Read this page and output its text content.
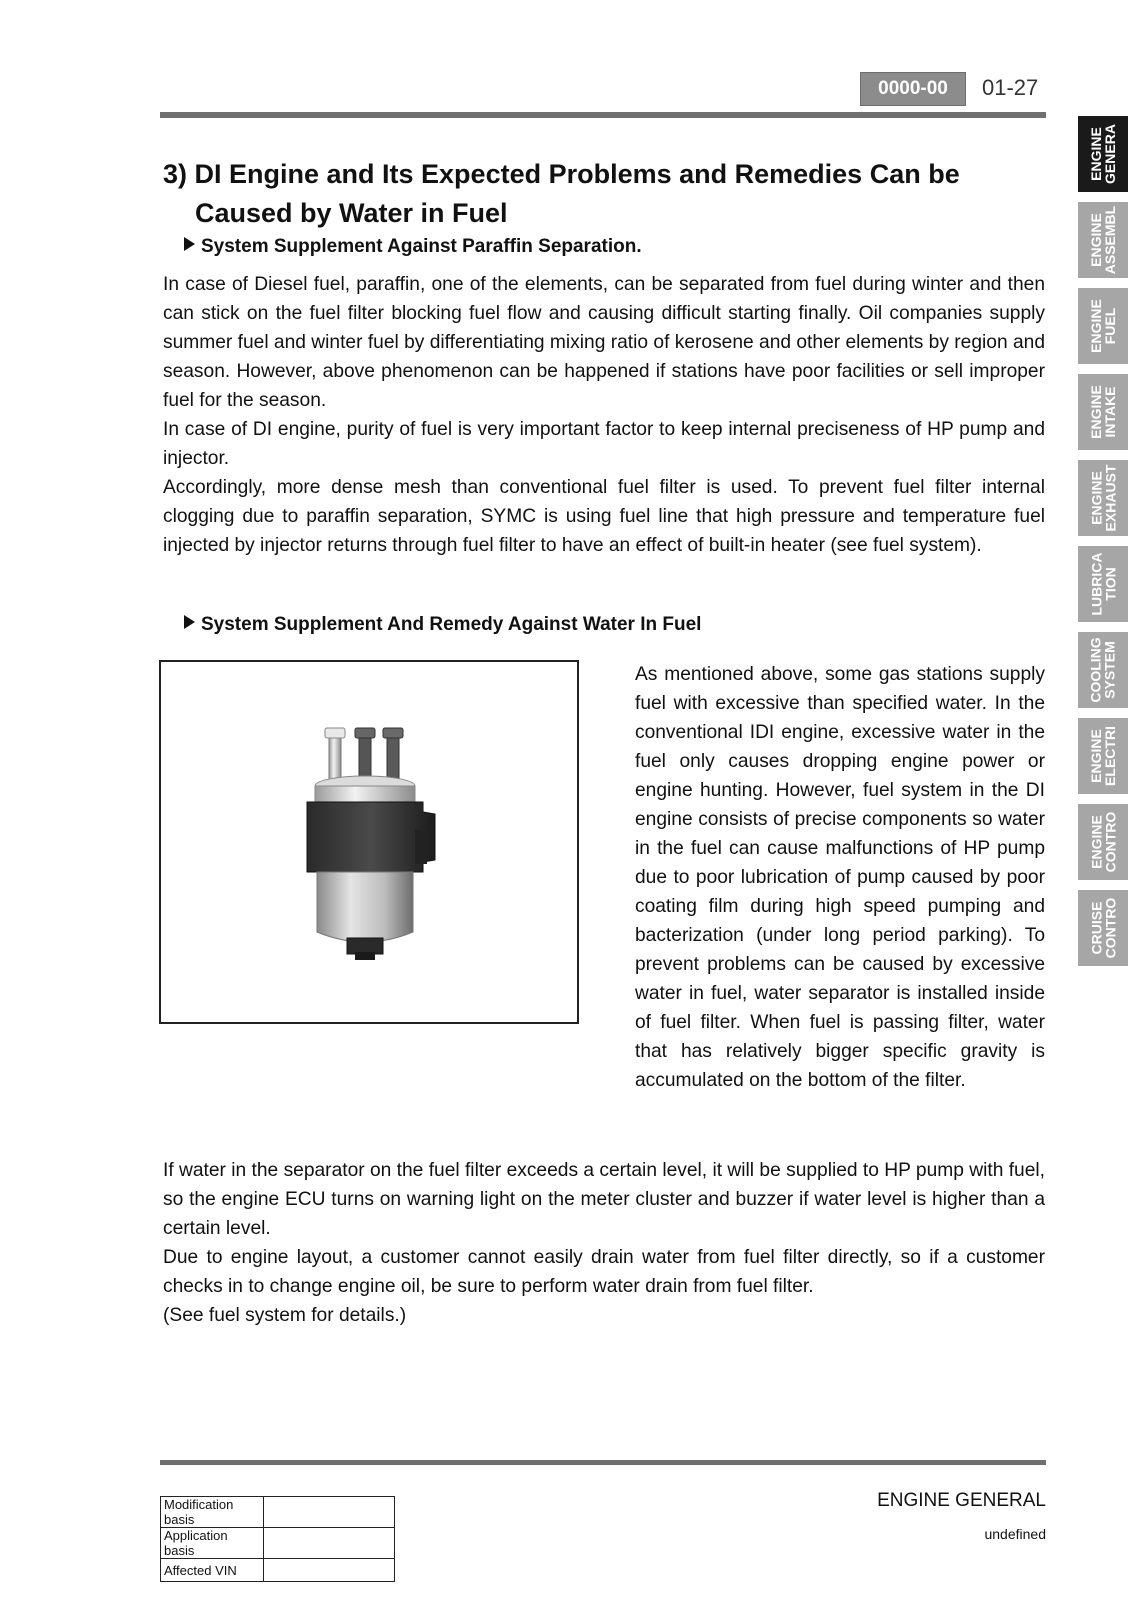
0000-00	01-27
ENGINE
GENERA
ENGINE
ASSEMBL
ENGINE
FUEL
ENGINE
INTAKE
ENGINE
EXHAUST
LUBRICA
TION
COOLING
SYSTEM
ENGINE
ELECTRI
ENGINE
CONTRO
CRUISE
CONTRO
3) DI Engine and Its Expected Problems and Remedies Can be
Caused by Water in Fuel
System Supplement Against Paraffin Separation.

In case of Diesel fuel, paraffin, one of the elements, can be separated from fuel during winter and then can stick on the fuel filter blocking fuel flow and causing difficult starting finally. Oil companies supply summer fuel and winter fuel by differentiating mixing ratio of kerosene and other elements by region and season. However, above phenomenon can be happened if stations have poor facilities or sell improper fuel for the season.

In case of DI engine, purity of fuel is very important factor to keep internal preciseness of HP pump and injector.

Accordingly, more dense mesh than conventional fuel filter is used. To prevent fuel filter internal clogging due to paraffin separation, SYMC is using fuel line that high pressure and temperature fuel injected by injector returns through fuel filter to have an effect of built-in heater (see fuel system).

System Supplement And Remedy Against Water In Fuel

As mentioned above, some gas stations supply fuel with excessive than specified water. In the conventional IDI engine, excessive water in the fuel only causes dropping engine power or engine hunting. However, fuel system in the DI engine consists of precise components so water in the fuel can cause malfunctions of HP pump due to poor lubrication of pump caused by poor coating film during high speed pumping and bacterization (under long period parking). To prevent problems can be caused by excessive water in fuel, water separator is installed inside of fuel filter. When fuel is passing filter, water that has relatively bigger specific gravity is accumulated on the bottom of the filter.

If water in the separator on the fuel filter exceeds a certain level, it will be supplied to HP pump with fuel, so the engine ECU turns on warning light on the meter cluster and buzzer if water level is higher than a certain level.

Due to engine layout, a customer cannot easily drain water from fuel filter directly, so if a customer checks in to change engine oil, be sure to perform water drain from fuel filter.

(See fuel system for details.)

ENGINE GENERAL
undefined
Modification basis	
Application basis	
Affected VIN	
